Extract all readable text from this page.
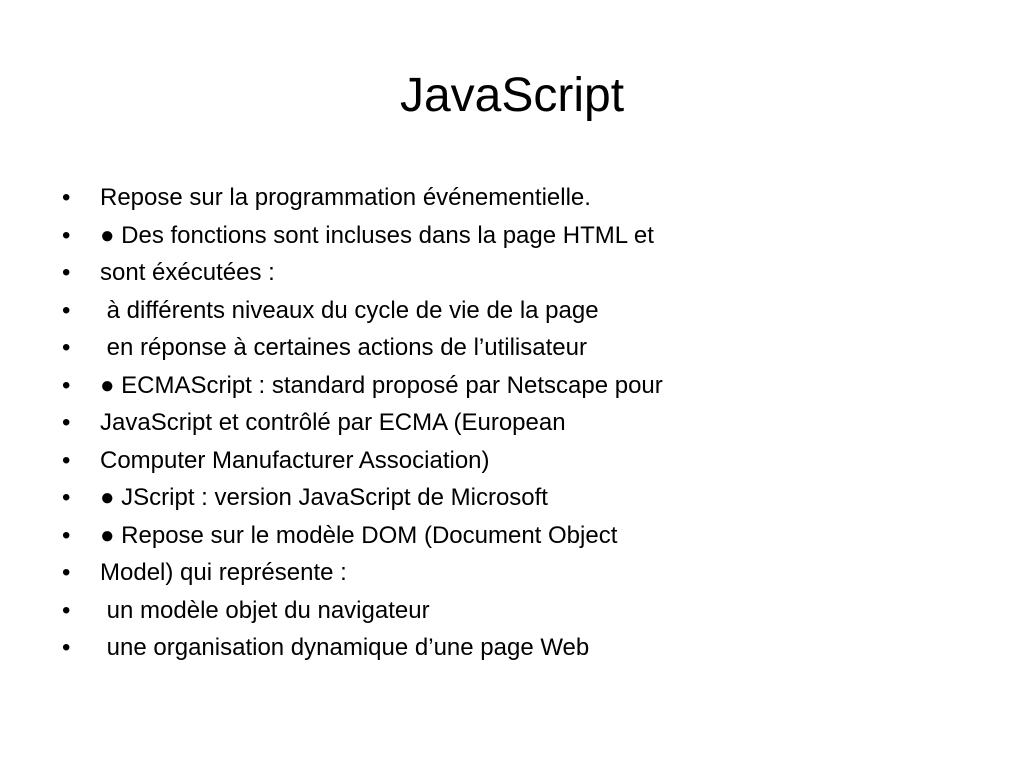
JavaScript

•

	Repose sur la programmation événementielle.

•

	● Des fonctions sont incluses dans la page HTML et

•

	sont éxécutées :

•

	à différents niveaux du cycle de vie de la page

•

	en réponse à certaines actions de l’utilisateur

•

	● ECMAScript : standard proposé par Netscape pour

•

	JavaScript et contrôlé par ECMA (European

•

	Computer Manufacturer Association)

•

	● JScript : version JavaScript de Microsoft

•

	● Repose sur le modèle DOM (Document Object

•

	Model) qui représente :

•

	un modèle objet du navigateur

•

	une organisation dynamique d’une page Web
